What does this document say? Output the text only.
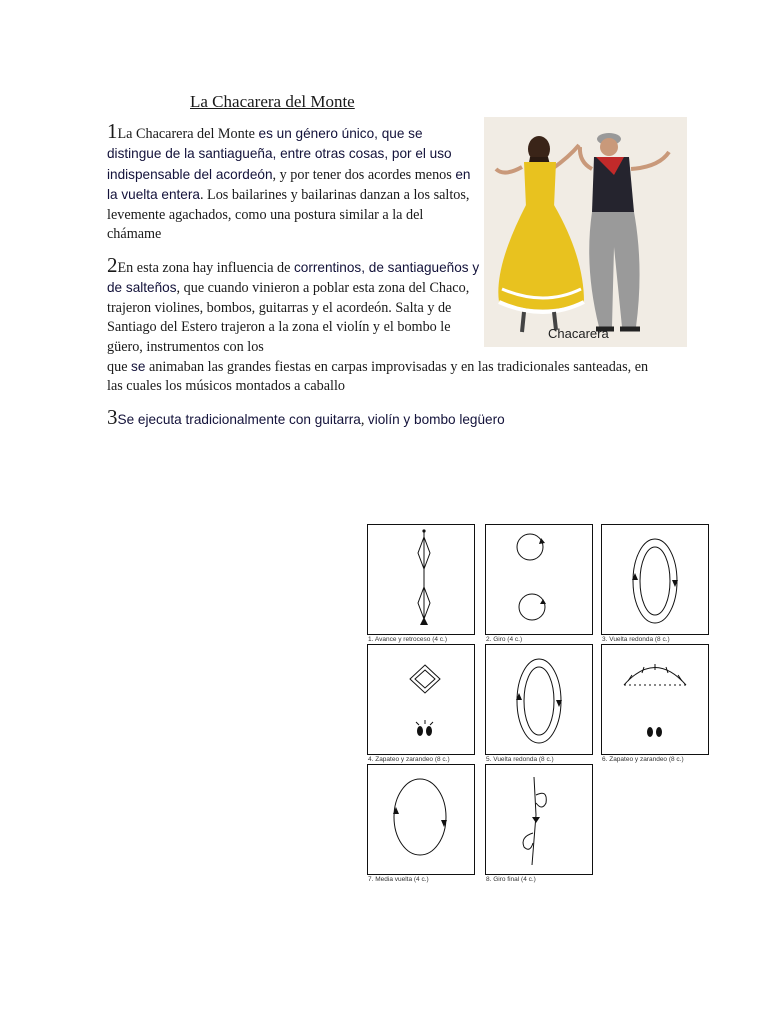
La Chacarera del Monte
1La Chacarera del Monte es un género único, que se distingue de la santiagueña, entre otras cosas, por el uso indispensable del acordeón, y por tener dos acordes menos en la vuelta entera. Los bailarines y bailarinas danzan a los saltos, levemente agachados, como una postura similar a la del chámame
2En esta zona hay influencia de correntinos, de santiagueños y de salteños, que cuando vinieron a poblar esta zona del Chaco, trajeron violines, bombos, guitarras y el acordeón. Salta y de Santiago del Estero trajeron a la zona el violín y el bombo le güero, instrumentos con los
que se animaban las grandes fiestas en carpas improvisadas y en las tradicionales santeadas, en las cuales los músicos montados a caballo
3Se ejecuta tradicionalmente con guitarra, violín y bombo legüero
Chacarera
1. Avance y retroceso (4 c.)	2. Giro (4 c.)	3. Vuelta redonda (8 c.)
4. Zapateo y zarandeo (8 c.)	5. Vuelta redonda (8 c.)	6. Zapateo y zarandeo (8 c.)
7. Media vuelta (4 c.)	8. Giro final (4 c.)
